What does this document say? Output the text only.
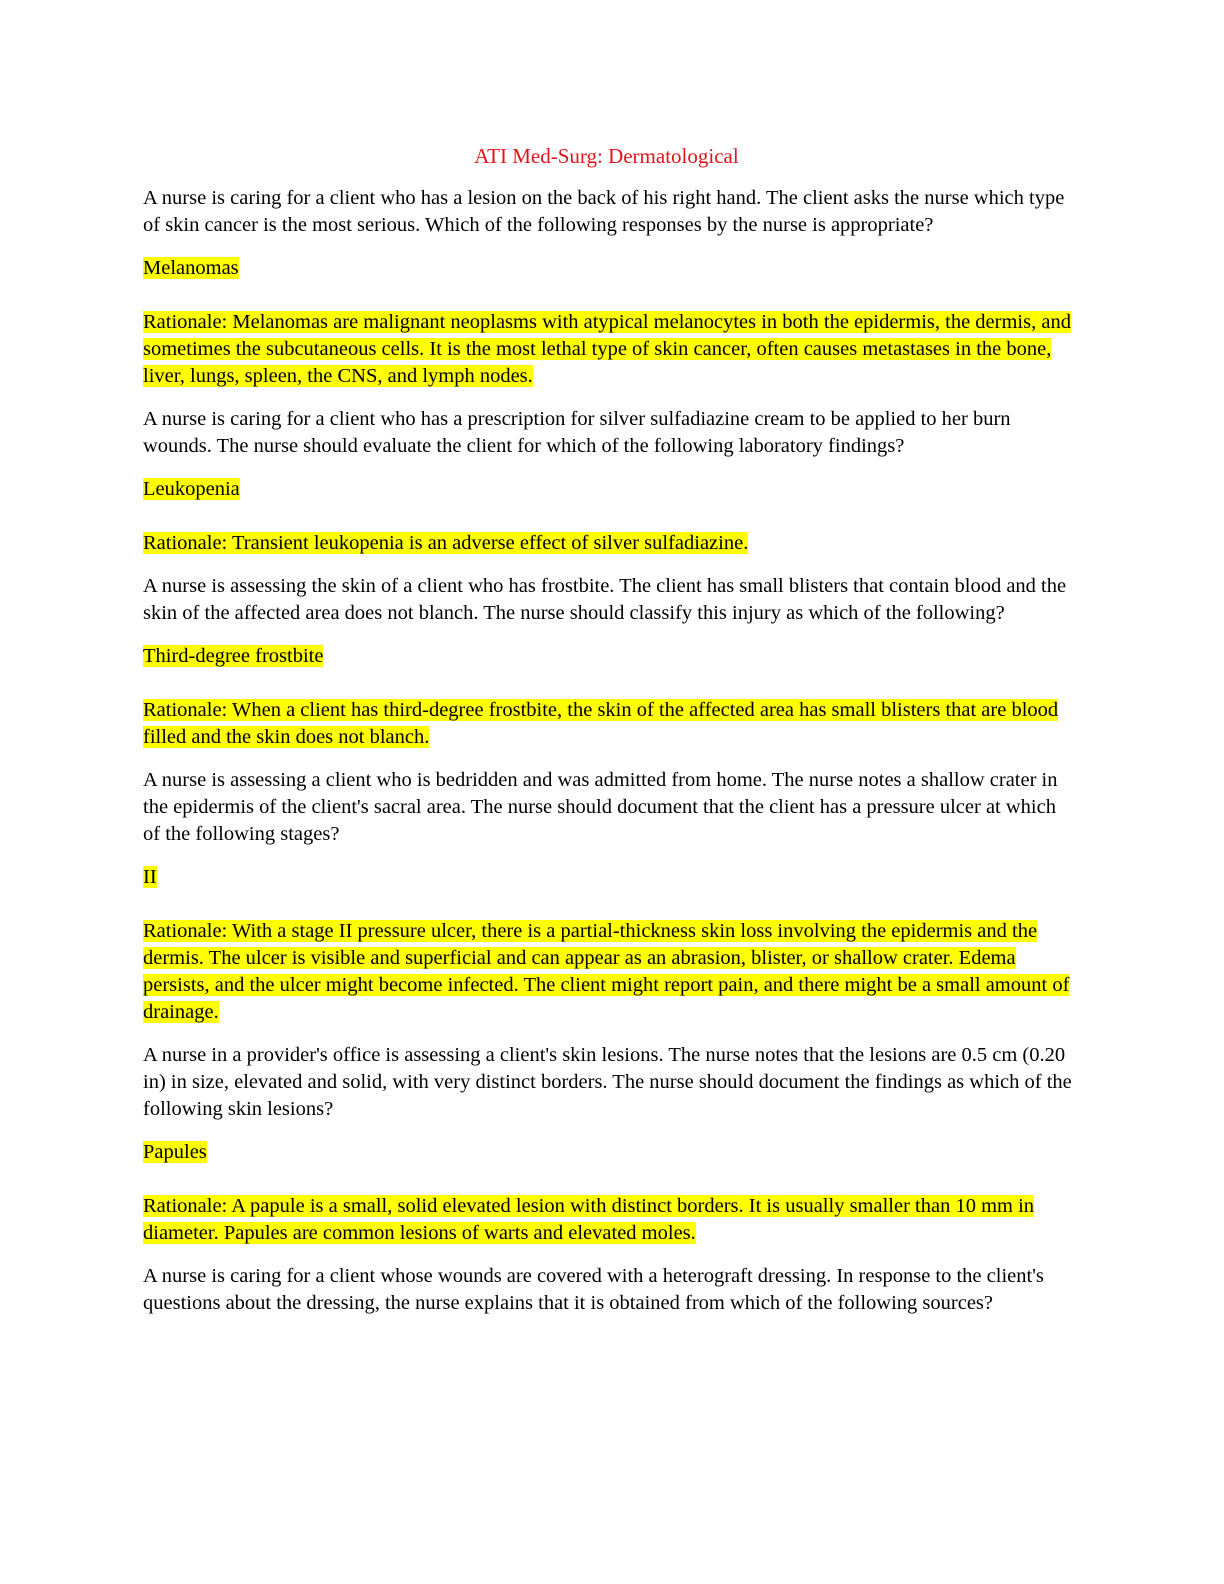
ATI Med-Surg: Dermatological

A nurse is caring for a client who has a lesion on the back of his right hand. The client asks the nurse which type of skin cancer is the most serious. Which of the following responses by the nurse is appropriate?

Melanomas

Rationale: Melanomas are malignant neoplasms with atypical melanocytes in both the epidermis, the dermis, and sometimes the subcutaneous cells. It is the most lethal type of skin cancer, often causes metastases in the bone, liver, lungs, spleen, the CNS, and lymph nodes.

A nurse is caring for a client who has a prescription for silver sulfadiazine cream to be applied to her burn wounds. The nurse should evaluate the client for which of the following laboratory findings?

Leukopenia

Rationale: Transient leukopenia is an adverse effect of silver sulfadiazine.

A nurse is assessing the skin of a client who has frostbite. The client has small blisters that contain blood and the skin of the affected area does not blanch. The nurse should classify this injury as which of the following?

Third-degree frostbite

Rationale: When a client has third-degree frostbite, the skin of the affected area has small blisters that are blood filled and the skin does not blanch.

A nurse is assessing a client who is bedridden and was admitted from home. The nurse notes a shallow crater in the epidermis of the client's sacral area. The nurse should document that the client has a pressure ulcer at which of the following stages?

II

Rationale: With a stage II pressure ulcer, there is a partial-thickness skin loss involving the epidermis and the dermis. The ulcer is visible and superficial and can appear as an abrasion, blister, or shallow crater. Edema persists, and the ulcer might become infected. The client might report pain, and there might be a small amount of drainage.

A nurse in a provider's office is assessing a client's skin lesions. The nurse notes that the lesions are 0.5 cm (0.20 in) in size, elevated and solid, with very distinct borders. The nurse should document the findings as which of the following skin lesions?

Papules

Rationale: A papule is a small, solid elevated lesion with distinct borders. It is usually smaller than 10 mm in diameter. Papules are common lesions of warts and elevated moles.

A nurse is caring for a client whose wounds are covered with a heterograft dressing. In response to the client's questions about the dressing, the nurse explains that it is obtained from which of the following sources?
